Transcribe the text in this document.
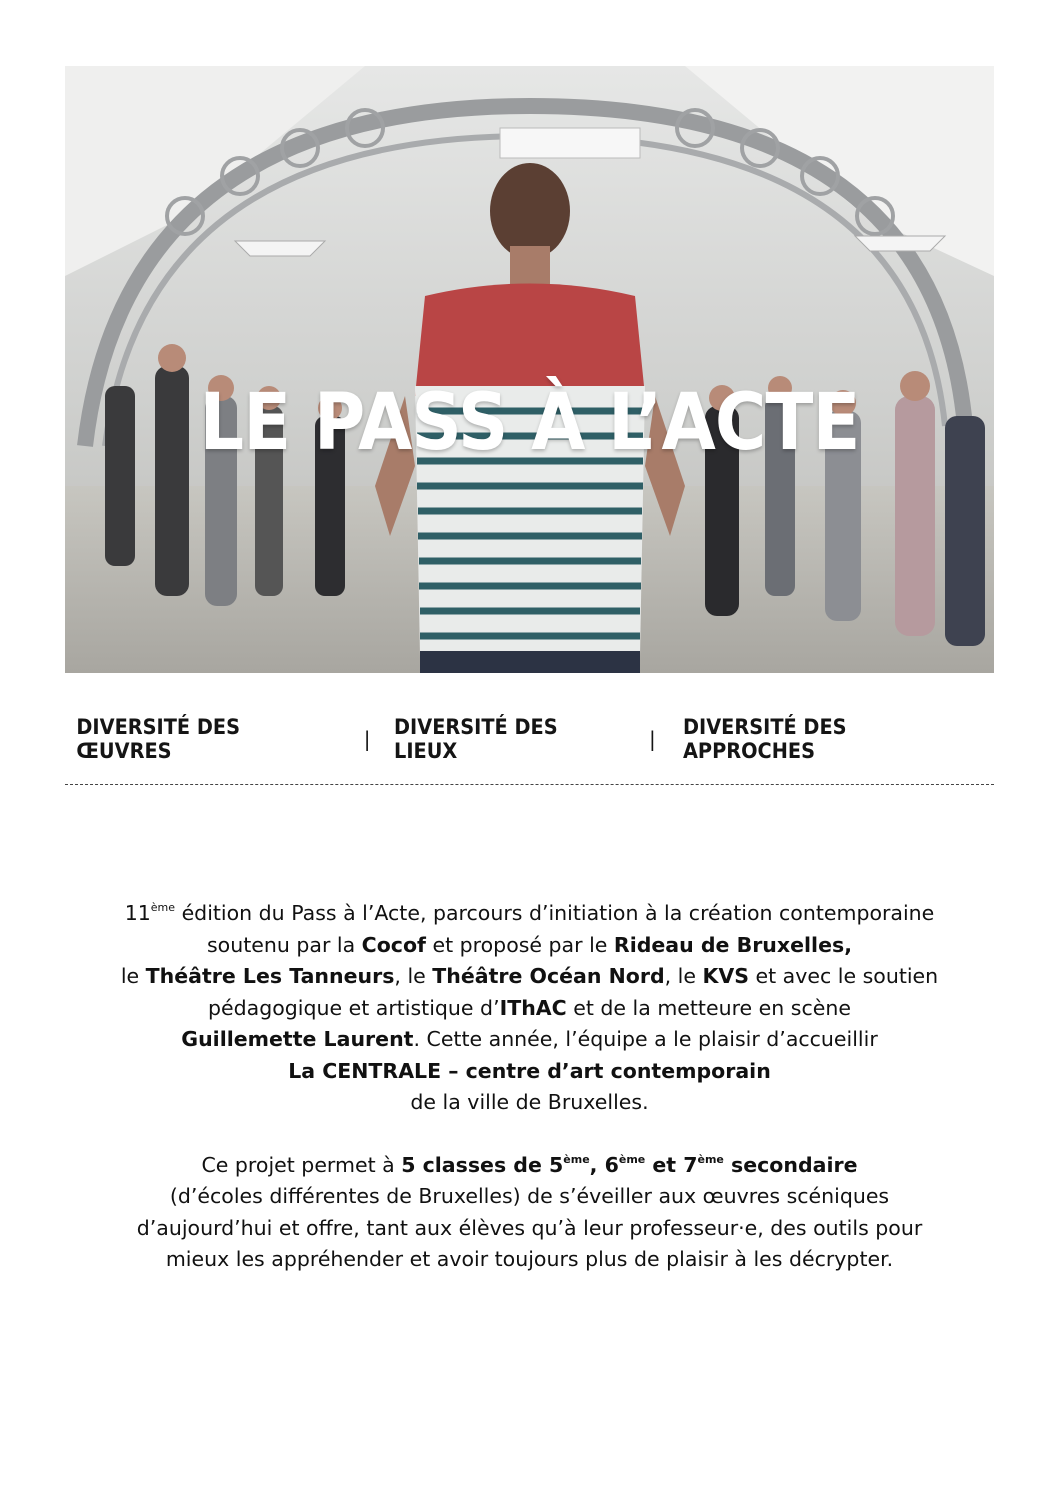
LE PASS À L’ACTE
DIVERSITÉ DES ŒUVRES	| DIVERSITÉ DES LIEUX	| DIVERSITÉ DES APPROCHES

11ème édition du Pass à l’Acte, parcours d’initiation à la création contemporaine

soutenu par la Cocof et proposé par le Rideau de Bruxelles,

le Théâtre Les Tanneurs, le Théâtre Océan Nord, le KVS et avec le soutien

pédagogique et artistique d’IThAC et de la metteure en scène

Guillemette Laurent. Cette année, l’équipe a le plaisir d’accueillir

La CENTRALE – centre d’art contemporain

de la ville de Bruxelles.

Ce projet permet à 5 classes de 5ème, 6ème et 7ème secondaire

(d’écoles différentes de Bruxelles) de s’éveiller aux œuvres scéniques

d’aujourd’hui et offre, tant aux élèves qu’à leur professeur·e, des outils pour

mieux les appréhender et avoir toujours plus de plaisir à les décrypter.
